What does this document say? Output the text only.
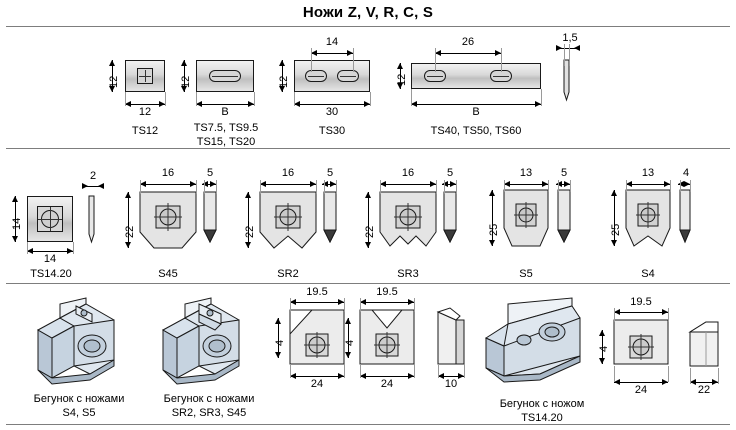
Ножи Z, V, R, C, S
12
12
TS12
12
B
TS7.5, TS9.5
TS15, TS20
14
12
30
TS30
26
12
B
TS40, TS50, TS60
1,5
14
14
TS14.20
2	16
22
S45
5	16
22
SR2
5	16
22
SR3
5	13
25
S5
5	13
25
S4
4
Бегунок с ножами
S4, S5
Бегунок с ножами
SR2, SR3, S45
19.5
4
24
19.5
4
24	10
Бегунок с ножом
TS14.20
19.5
4
24	22
